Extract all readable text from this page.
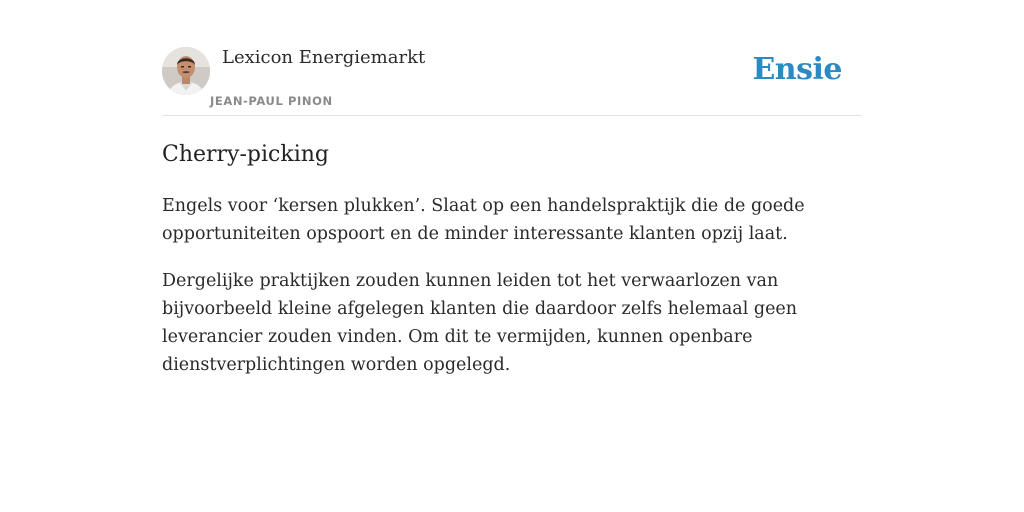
Lexicon Energiemarkt
JEAN-PAUL PINON
Ensie
Cherry-picking

Engels voor ‘kersen plukken’. Slaat op een handelspraktijk die de goede opportuniteiten opspoort en de minder interessante klanten opzij laat.

Dergelijke praktijken zouden kunnen leiden tot het verwaarlozen van bijvoorbeeld kleine afgelegen klanten die daardoor zelfs helemaal geen leverancier zouden vinden. Om dit te vermijden, kunnen openbare dienstverplichtingen worden opgelegd.
